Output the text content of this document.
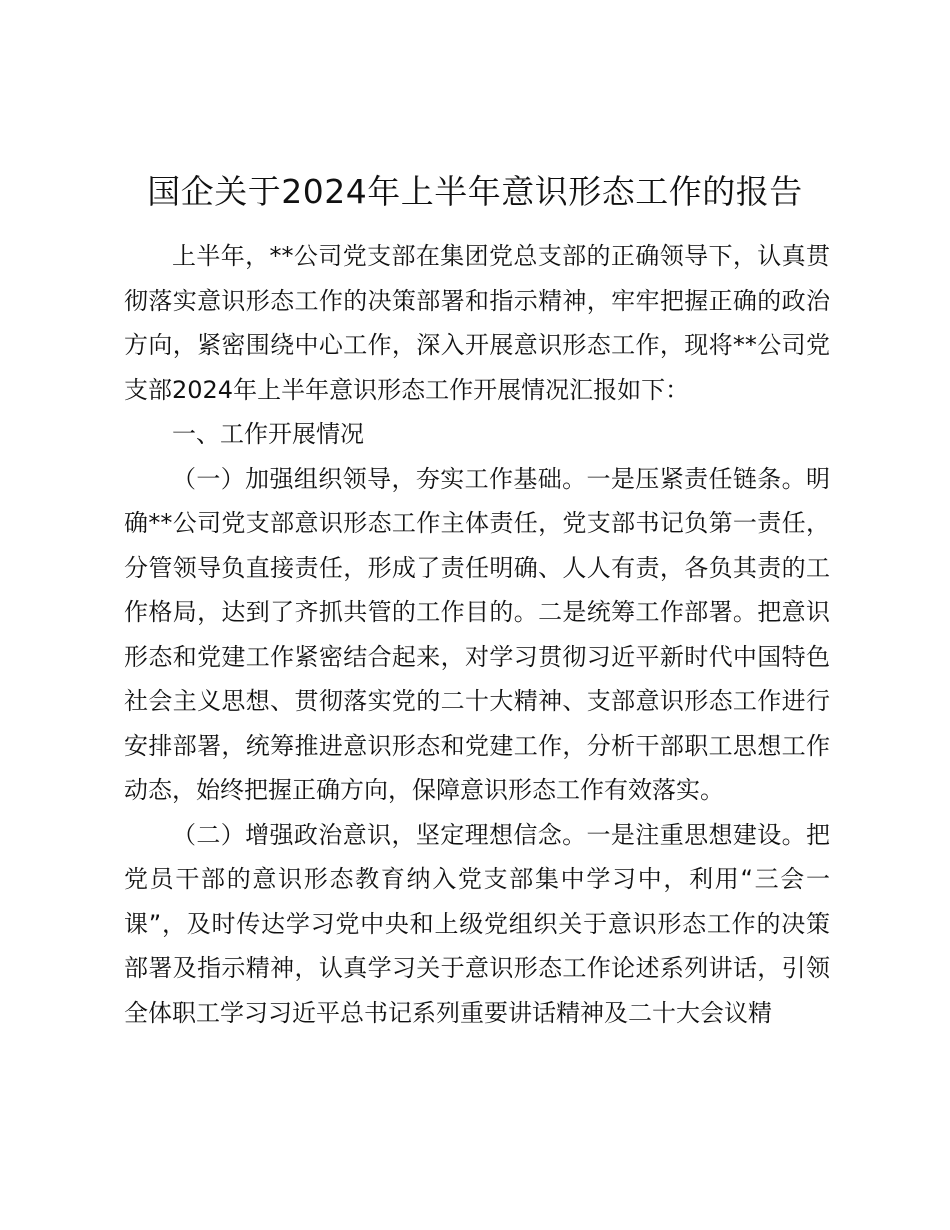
国企关于2024年上半年意识形态工作的报告

上半年，**公司党支部在集团党总支部的正确领导下，认真贯彻落实意识形态工作的决策部署和指示精神，牢牢把握正确的政治方向，紧密围绕中心工作，深入开展意识形态工作，现将**公司党支部2024年上半年意识形态工作开展情况汇报如下：

一、工作开展情况

（一）加强组织领导，夯实工作基础。一是压紧责任链条。明确**公司党支部意识形态工作主体责任，党支部书记负第一责任，分管领导负直接责任，形成了责任明确、人人有责，各负其责的工作格局，达到了齐抓共管的工作目的。二是统筹工作部署。把意识形态和党建工作紧密结合起来，对学习贯彻习近平新时代中国特色社会主义思想、贯彻落实党的二十大精神、支部意识形态工作进行安排部署，统筹推进意识形态和党建工作，分析干部职工思想工作动态，始终把握正确方向，保障意识形态工作有效落实。

（二）增强政治意识，坚定理想信念。一是注重思想建设。把党员干部的意识形态教育纳入党支部集中学习中，利用“三会一课”，及时传达学习党中央和上级党组织关于意识形态工作的决策部署及指示精神，认真学习关于意识形态工作论述系列讲话，引领全体职工学习习近平总书记系列重要讲话精神及二十大会议精
